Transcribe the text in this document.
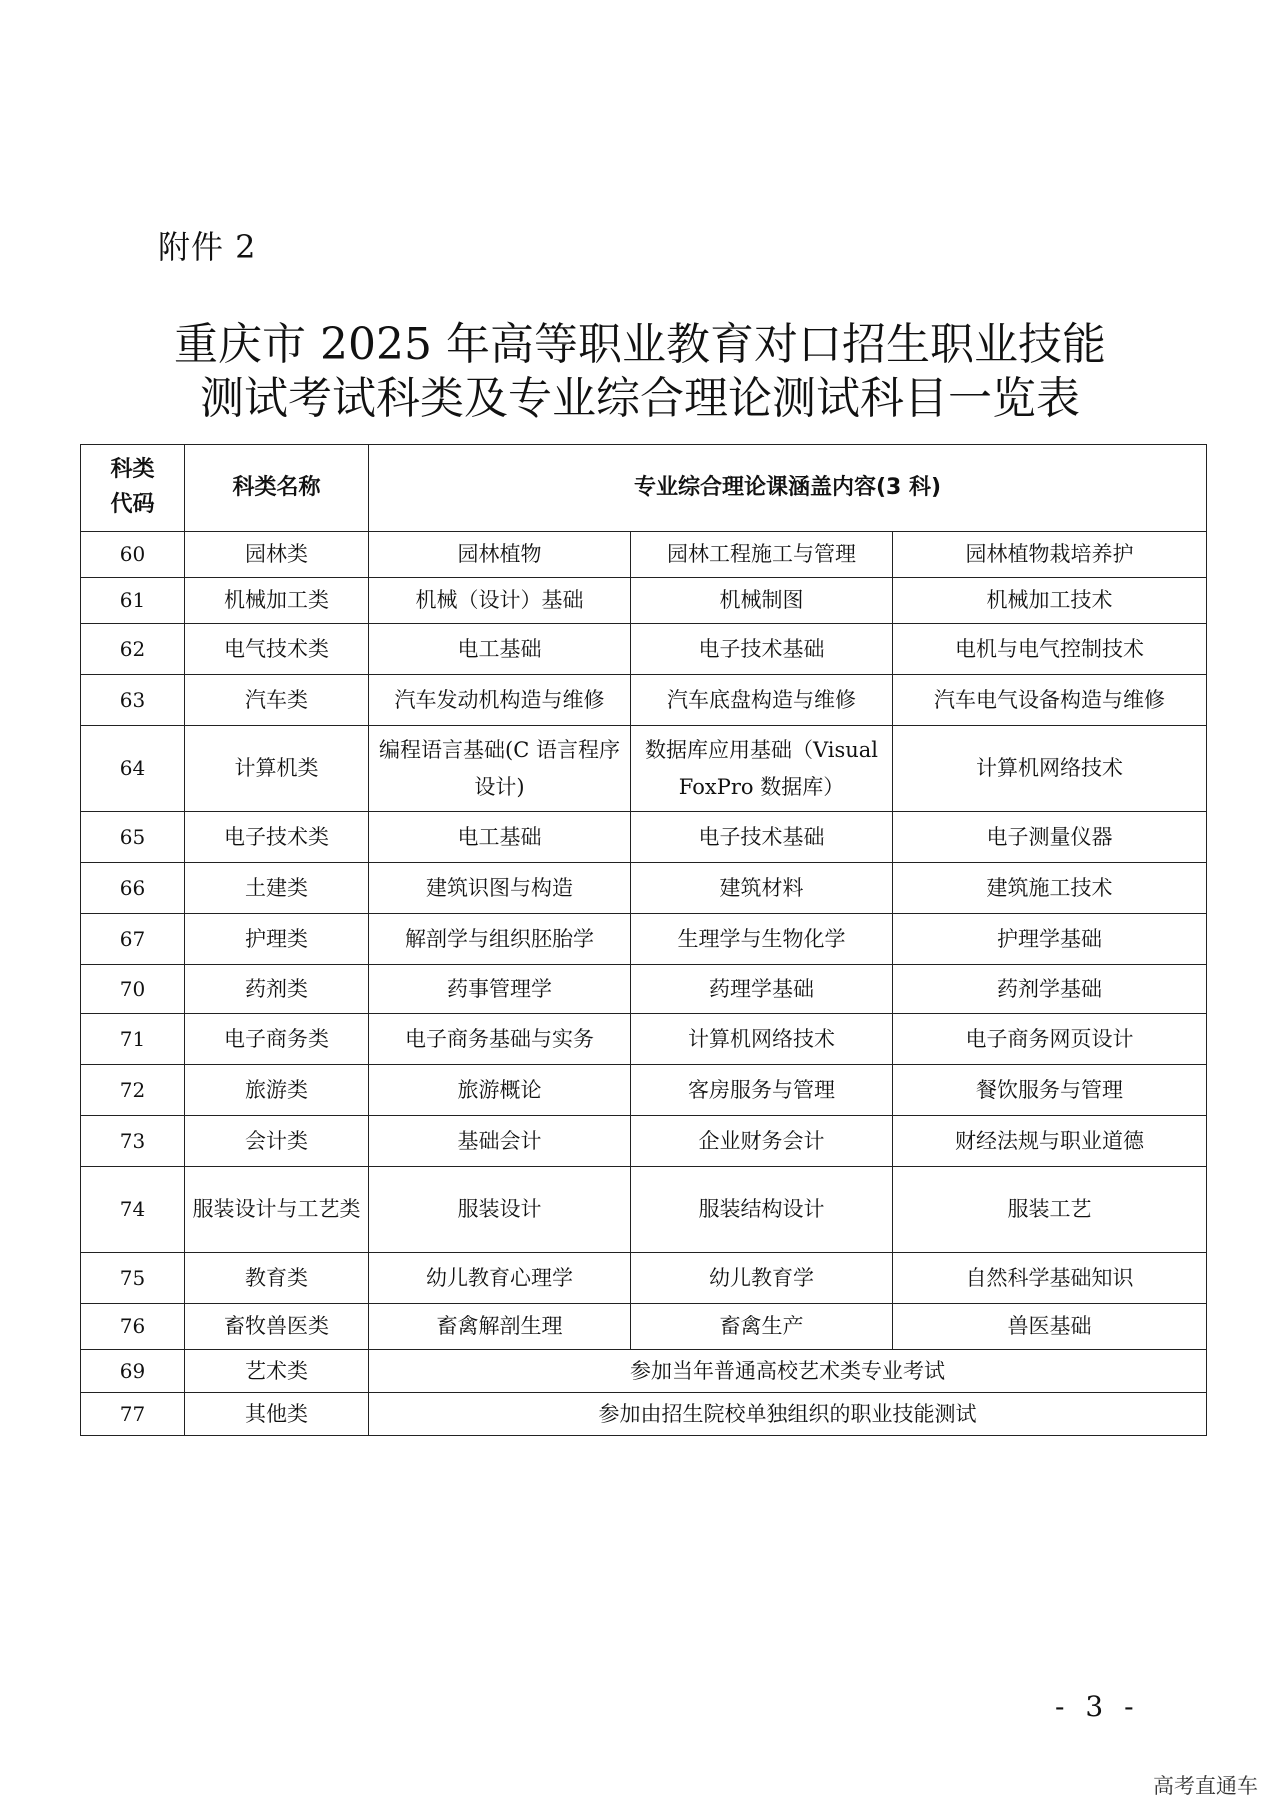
附件 2
重庆市 2025 年高等职业教育对口招生职业技能
测试考试科类及专业综合理论测试科目一览表
科类代码	科类名称	专业综合理论课涵盖内容(3 科)		
60	园林类	园林植物	园林工程施工与管理	园林植物栽培养护
61	机械加工类	机械（设计）基础	机械制图	机械加工技术
62	电气技术类	电工基础	电子技术基础	电机与电气控制技术
63	汽车类	汽车发动机构造与维修	汽车底盘构造与维修	汽车电气设备构造与维修
64	计算机类	编程语言基础(C 语言程序设计)	数据库应用基础（Visual FoxPro 数据库）	计算机网络技术
65	电子技术类	电工基础	电子技术基础	电子测量仪器
66	土建类	建筑识图与构造	建筑材料	建筑施工技术
67	护理类	解剖学与组织胚胎学	生理学与生物化学	护理学基础
70	药剂类	药事管理学	药理学基础	药剂学基础
71	电子商务类	电子商务基础与实务	计算机网络技术	电子商务网页设计
72	旅游类	旅游概论	客房服务与管理	餐饮服务与管理
73	会计类	基础会计	企业财务会计	财经法规与职业道德
74	服装设计与工艺类	服装设计	服装结构设计	服装工艺
75	教育类	幼儿教育心理学	幼儿教育学	自然科学基础知识
76	畜牧兽医类	畜禽解剖生理	畜禽生产	兽医基础
69	艺术类	参加当年普通高校艺术类专业考试		
77	其他类	参加由招生院校单独组织的职业技能测试		
- 3 -
高考直通车
